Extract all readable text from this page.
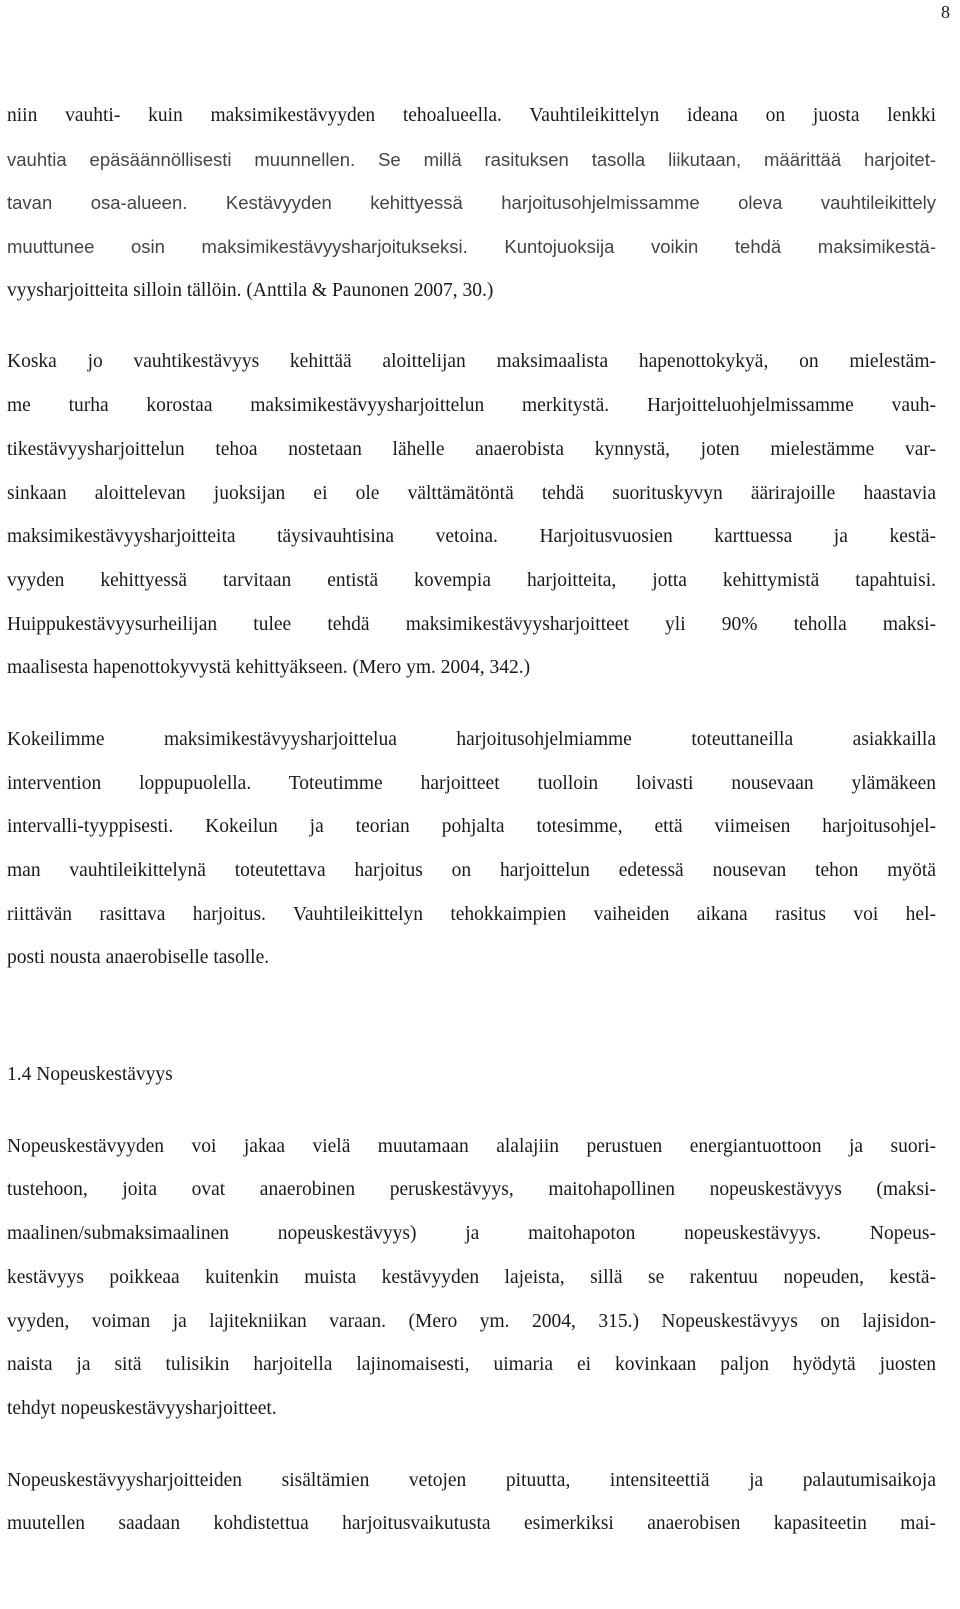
8
niin vauhti- kuin maksimikestävyyden tehoalueella. Vauhtileikittelyn ideana on juosta lenkki
vauhtia epäsäännöllisesti muunnellen. Se millä rasituksen tasolla liikutaan, määrittää harjoitet-
tavan osa-alueen. Kestävyyden kehittyessä harjoitusohjelmissamme oleva vauhtileikittely
muuttunee osin maksimikestävyysharjoitukseksi. Kuntojuoksija voikin tehdä maksimikestä-
vyysharjoitteita silloin tällöin. (Anttila & Paunonen 2007, 30.)
Koska jo vauhtikestävyys kehittää aloittelijan maksimaalista hapenottokykyä, on mielestäm-
me turha korostaa maksimikestävyysharjoittelun merkitystä. Harjoitteluohjelmissamme vauh-
tikestävyysharjoittelun tehoa nostetaan lähelle anaerobista kynnystä, joten mielestämme var-
sinkaan aloittelevan juoksijan ei ole välttämätöntä tehdä suorituskyvyn äärirajoille haastavia
maksimikestävyysharjoitteita täysivauhtisina vetoina. Harjoitusvuosien karttuessa ja kestä-
vyyden kehittyessä tarvitaan entistä kovempia harjoitteita, jotta kehittymistä tapahtuisi.
Huippukestävyysurheilijan tulee tehdä maksimikestävyysharjoitteet yli 90% teholla maksi-
maalisesta hapenottokyvystä kehittyäkseen. (Mero ym. 2004, 342.)
Kokeilimme maksimikestävyysharjoittelua harjoitusohjelmiamme toteuttaneilla asiakkailla
intervention loppupuolella. Toteutimme harjoitteet tuolloin loivasti nousevaan ylämäkeen
intervalli-tyyppisesti. Kokeilun ja teorian pohjalta totesimme, että viimeisen harjoitusohjel-
man vauhtileikittelynä toteutettava harjoitus on harjoittelun edetessä nousevan tehon myötä
riittävän rasittava harjoitus. Vauhtileikittelyn tehokkaimpien vaiheiden aikana rasitus voi hel-
posti nousta anaerobiselle tasolle.
1.4 Nopeuskestävyys
Nopeuskestävyyden voi jakaa vielä muutamaan alalajiin perustuen energiantuottoon ja suori-
tustehoon, joita ovat anaerobinen peruskestävyys, maitohapollinen nopeuskestävyys (maksi-
maalinen/submaksimaalinen nopeuskestävyys) ja maitohapoton nopeuskestävyys. Nopeus-
kestävyys poikkeaa kuitenkin muista kestävyyden lajeista, sillä se rakentuu nopeuden, kestä-
vyyden, voiman ja lajitekniikan varaan. (Mero ym. 2004, 315.) Nopeuskestävyys on lajisidon-
naista ja sitä tulisikin harjoitella lajinomaisesti, uimaria ei kovinkaan paljon hyödytä juosten
tehdyt nopeuskestävyysharjoitteet.
Nopeuskestävyysharjoitteiden sisältämien vetojen pituutta, intensiteettiä ja palautumisaikoja
muutellen saadaan kohdistettua harjoitusvaikutusta esimerkiksi anaerobisen kapasiteetin mai-
